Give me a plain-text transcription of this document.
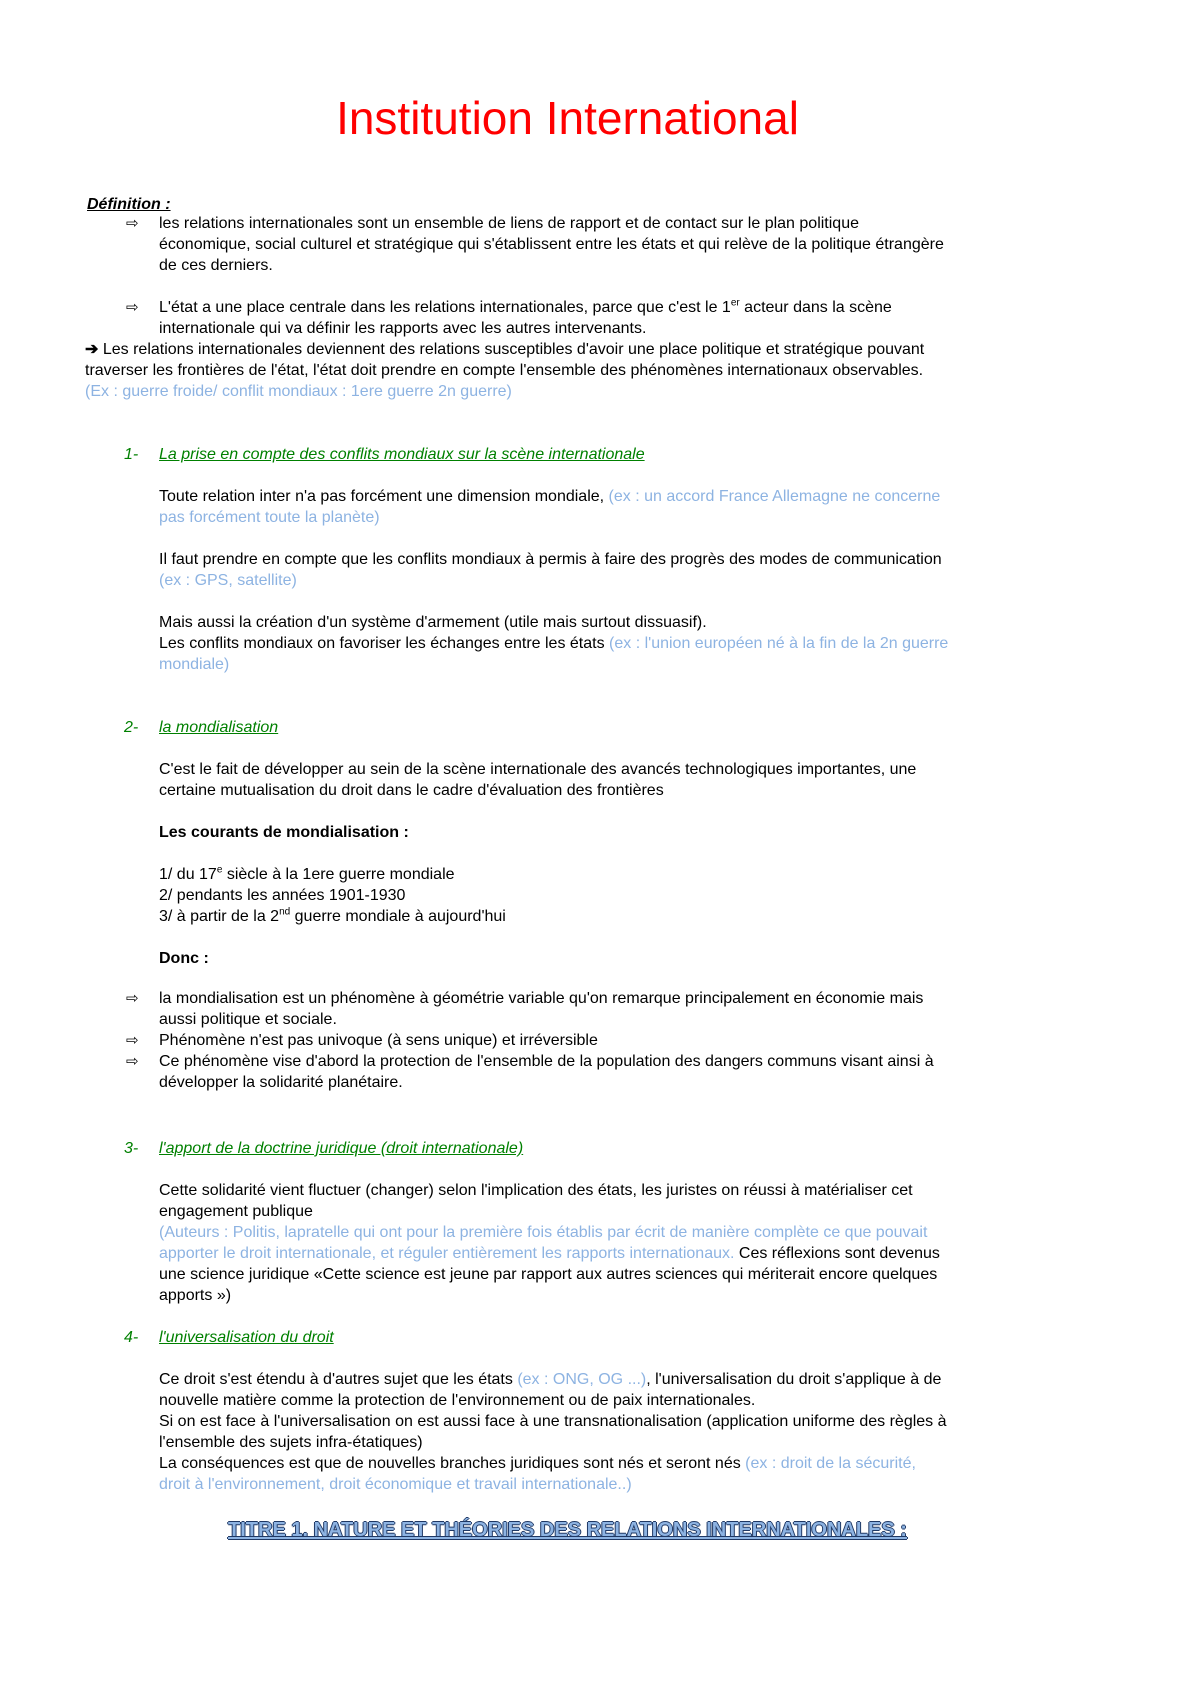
Institution International
Définition :
⇨ les relations internationales sont un ensemble de liens de rapport et de contact sur le plan politique
économique, social culturel et stratégique qui s'établissent entre les états et qui relève de la politique étrangère
de ces derniers.
⇨ L'état a une place centrale dans les relations internationales, parce que c'est le 1er acteur dans la scène
internationale qui va définir les rapports avec les autres intervenants.
➔ Les relations internationales deviennent des relations susceptibles d'avoir une place politique et stratégique pouvant
traverser les frontières de l'état, l'état doit prendre en compte l'ensemble des phénomènes internationaux observables.
(Ex : guerre froide/ conflit mondiaux : 1ere guerre 2n guerre)
1- La prise en compte des conflits mondiaux sur la scène internationale
Toute relation inter n'a pas forcément une dimension mondiale, (ex : un accord France Allemagne ne concerne
pas forcément toute la planète)
Il faut prendre en compte que les conflits mondiaux à permis à faire des progrès des modes de communication
(ex : GPS, satellite)
Mais aussi la création d'un système d'armement (utile mais surtout dissuasif).
Les conflits mondiaux on favoriser les échanges entre les états (ex : l'union européen né à la fin de la 2n guerre
mondiale)
2- la mondialisation
C'est le fait de développer au sein de la scène internationale des avancés technologiques importantes, une
certaine mutualisation du droit dans le cadre d'évaluation des frontières
Les courants de mondialisation :
1/ du 17e siècle à la 1ere guerre mondiale
2/ pendants les années 1901-1930
3/ à partir de la 2nd guerre mondiale à aujourd'hui
Donc :
⇨ la mondialisation est un phénomène à géométrie variable qu'on remarque principalement en économie mais
aussi politique et sociale.
⇨ Phénomène n'est pas univoque (à sens unique) et irréversible
⇨ Ce phénomène vise d'abord la protection de l'ensemble de la population des dangers communs visant ainsi à
développer la solidarité planétaire.
3- l'apport de la doctrine juridique (droit internationale)
Cette solidarité vient fluctuer (changer) selon l'implication des états, les juristes on réussi à matérialiser cet
engagement publique
(Auteurs : Politis, lapratelle qui ont pour la première fois établis par écrit de manière complète ce que pouvait
apporter le droit internationale, et réguler entièrement les rapports internationaux. Ces réflexions sont devenus
une science juridique «Cette science est jeune par rapport aux autres sciences qui mériterait encore quelques
apports »)
4- l'universalisation du droit
Ce droit s'est étendu à d'autres sujet que les états (ex : ONG, OG ...), l'universalisation du droit s'applique à de
nouvelle matière comme la protection de l'environnement ou de paix internationales.
Si on est face à l'universalisation on est aussi face à une transnationalisation (application uniforme des règles à
l'ensemble des sujets infra-étatiques)
La conséquences est que de nouvelles branches juridiques sont nés et seront nés (ex : droit de la sécurité,
droit à l'environnement, droit économique et travail internationale..)
TITRE 1. NATURE ET THÉORIES DES RELATIONS INTERNATIONALES :
